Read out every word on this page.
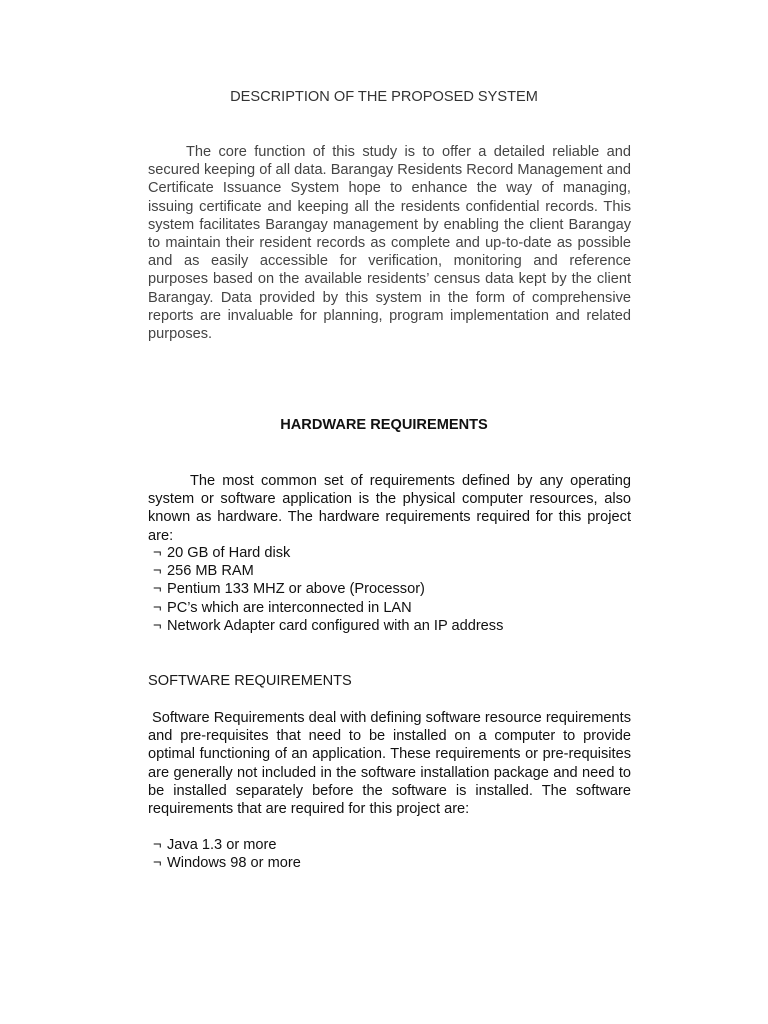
DESCRIPTION OF THE PROPOSED SYSTEM

The core function of this study is to offer a detailed reliable and secured keeping of all data. Barangay Residents Record Management and Certificate Issuance System hope to enhance the way of managing, issuing certificate and keeping all the residents confidential records. This system facilitates Barangay management by enabling the client Barangay to maintain their resident records as complete and up-to-date as possible and as easily accessible for verification, monitoring and reference purposes based on the available residents’ census data kept by the client Barangay. Data provided by this system in the form of comprehensive reports are invaluable for planning, program implementation and related purposes.

HARDWARE REQUIREMENTS

The most common set of requirements defined by any operating system or software application is the physical computer resources, also known as hardware. The hardware requirements required for this project are:

¬ 20 GB of Hard disk
¬ 256 MB RAM
¬ Pentium 133 MHZ or above (Processor)
¬ PC’s which are interconnected in LAN
¬ Network Adapter card configured with an IP address
SOFTWARE REQUIREMENTS

Software Requirements deal with defining software resource requirements and pre-requisites that need to be installed on a computer to provide optimal functioning of an application. These requirements or pre-requisites are generally not included in the software installation package and need to be installed separately before the software is installed. The software requirements that are required for this project are:

¬ Java 1.3 or more
¬ Windows 98 or more
